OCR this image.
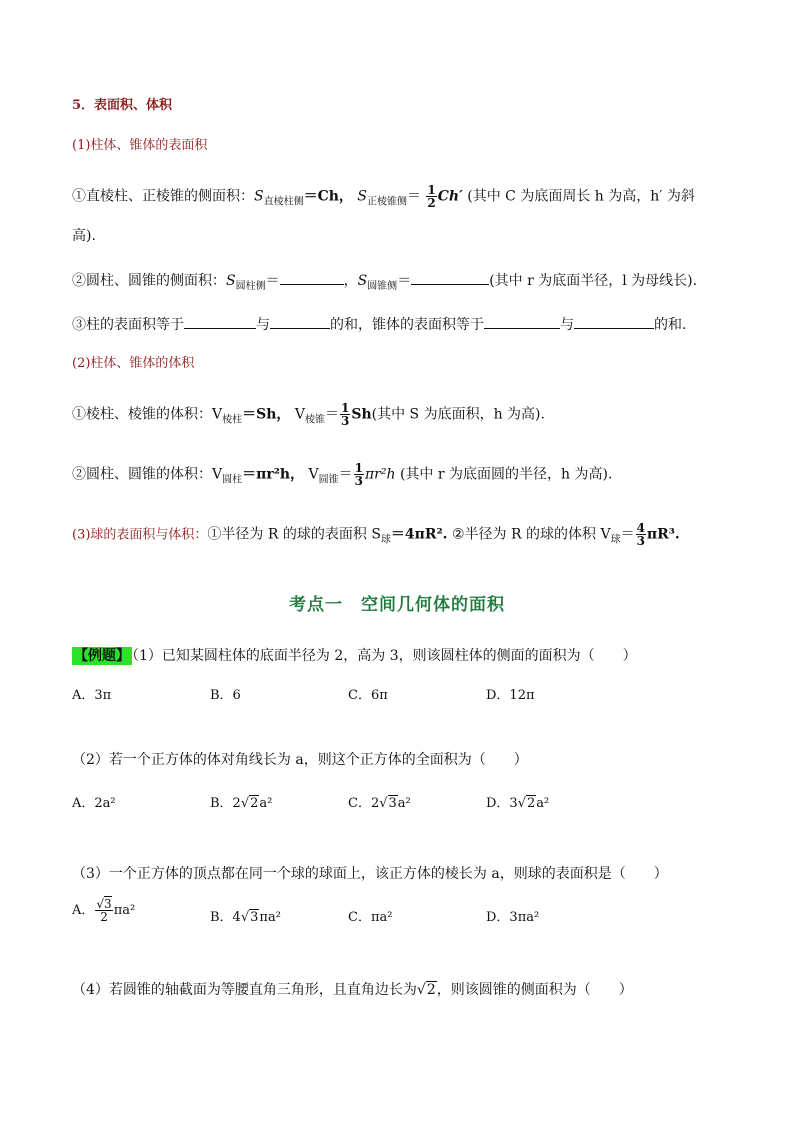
5．表面积、体积
(1)柱体、锥体的表面积
①直棱柱、正棱锥的侧面积：$S_{直棱柱侧}=Ch$， $S_{正棱锥侧}= \frac{1}{2} Ch'$ (其中 C 为底面周长 h 为高，h′ 为斜
高).
②圆柱、圆锥的侧面积：$S_{圆柱侧}=$	，$S_{圆锥侧}=$	(其中 r 为底面半径，l 为母线长).
③柱的表面积等于	与	的和，锥体的表面积等于	与	的和.
(2)柱体、锥体的体积
①棱柱、棱锥的体积：$V_{棱柱}=Sh$， $V_{棱锥}= \frac{1}{3} Sh$(其中 S 为底面积，h 为高).
②圆柱、圆锥的体积：$V_{圆柱}=\pi r^2h$， $V_{圆锥}= \frac{1}{3} \pi r^2h$ (其中 r 为底面圆的半径，h 为高).
(3)球的表面积与体积：①半径为 R 的球的表面积 $S_球=4\pi R^2$. ②半径为 R 的球的体积 $V_球= \frac{4}{3} \pi R^3$.
考点一　空间几何体的面积
【例题】 （1）已知某圆柱体的底面半径为 2，高为 3，则该圆柱体的侧面的面积为（　　）
A．3π	B．6	C．6π	D．12π
（2）若一个正方体的体对角线长为 a，则这个正方体的全面积为（　　）
A．2a²	B．2√2a²	C．2√3a²	D．3√2a²
（3）一个正方体的顶点都在同一个球的球面上，该正方体的棱长为 a，则球的表面积是（　　）
A． $\frac{√3}{2} \pi a^2$	B．4√3πa²	C．πa²	D．3πa²
（4）若圆锥的轴截面为等腰直角三角形，且直角边长为√2，则该圆锥的侧面积为（　　）
